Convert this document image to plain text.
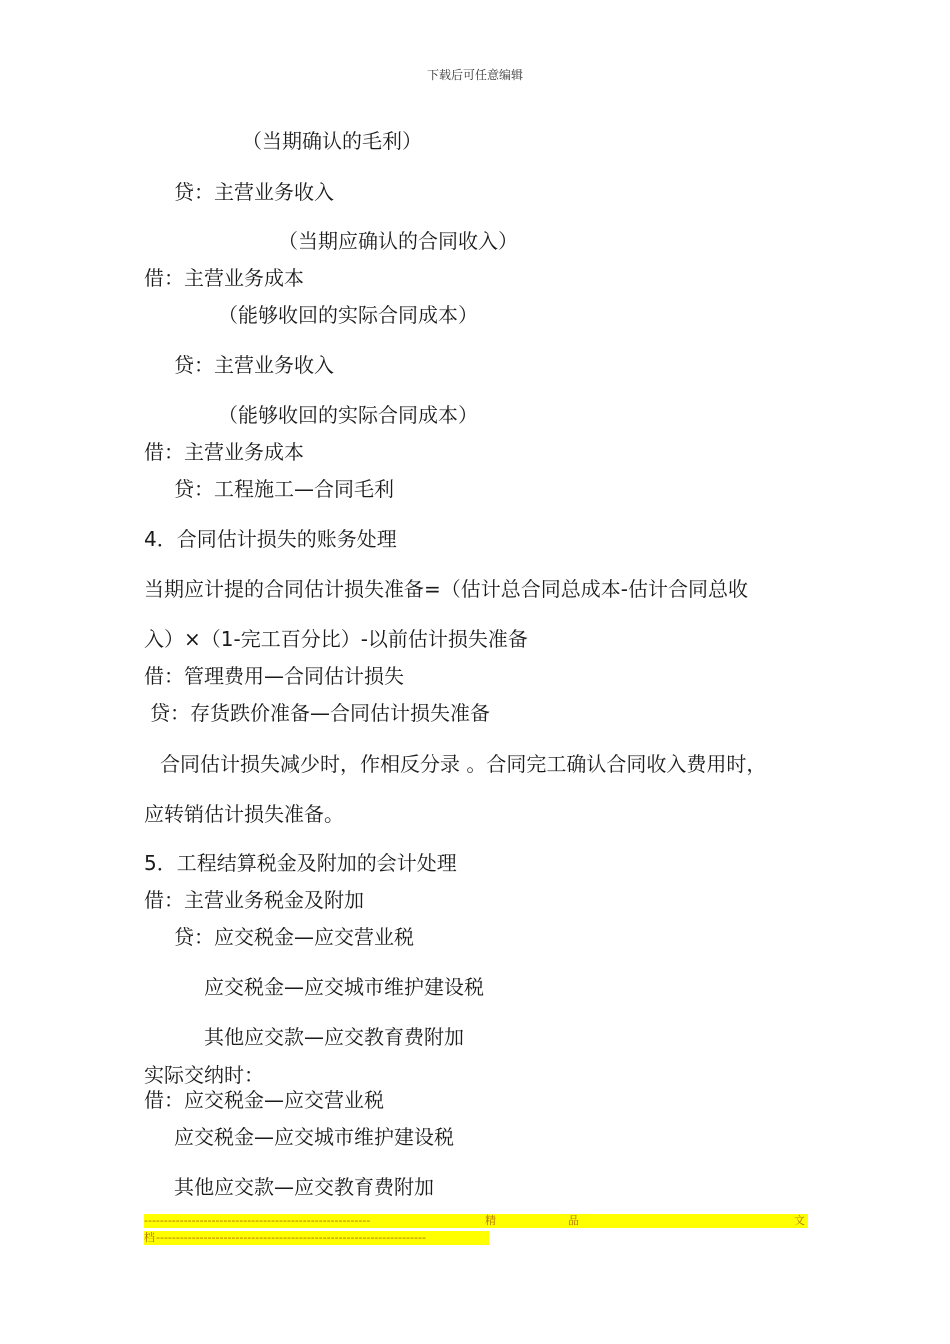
下载后可任意编辑
（当期确认的毛利）
贷：主营业务收入
（当期应确认的合同收入）
借：主营业务成本
（能够收回的实际合同成本）
贷：主营业务收入
（能够收回的实际合同成本）
借：主营业务成本
贷：工程施工—合同毛利
4．合同估计损失的账务处理
当期应计提的合同估计损失准备=（估计总合同总成本-估计合同总收
入）×（1-完工百分比）-以前估计损失准备
借：管理费用—合同估计损失
贷：存货跌价准备—合同估计损失准备
合同估计损失减少时，作相反分录 。合同完工确认合同收入费用时，
应转销估计损失准备。
5．工程结算税金及附加的会计处理
借：主营业务税金及附加
贷：应交税金—应交营业税
应交税金—应交城市维护建设税
其他应交款—应交教育费附加
实际交纳时：
借：应交税金—应交营业税
应交税金—应交城市维护建设税
其他应交款—应交教育费附加
---------------------------------------------------------	精	品	文
档 --------------------------------------------------------------------
